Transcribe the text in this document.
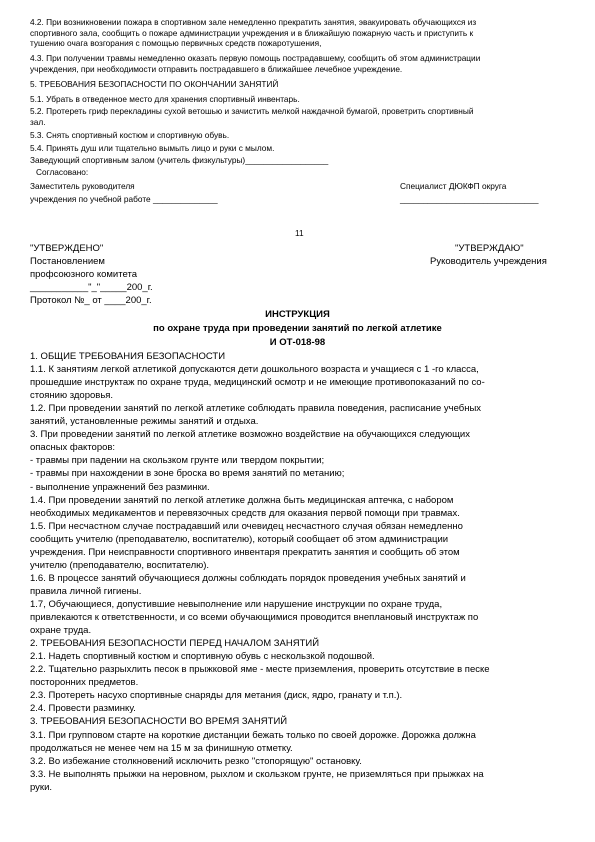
4.2. При возникновении пожара в спортивном зале немедленно прекратить занятия, эвакуировать обучающихся из
спортивного зала, сообщить о пожаре администрации учреждения и в ближайшую пожарную часть и приступить к
тушению очага возгорания с помощью первичных средств пожаротушения,
4.3. При получении травмы немедленно оказать первую помощь пострадавшему, сообщить об этом администрации
учреждения, при необходимости отправить пострадавшего в ближайшее лечебное учреждение.
5. ТРЕБОВАНИЯ БЕЗОПАСНОСТИ ПО ОКОНЧАНИИ ЗАНЯТИЙ
5.1. Убрать в отведенное место для хранения спортивный инвентарь.
5.2. Протереть гриф перекладины сухой ветошью и зачистить мелкой наждачной бумагой, проветрить спортивный
зал.
5.3. Снять спортивный костюм и спортивную обувь.
5.4. Принять душ или тщательно вымыть лицо и руки с мылом.
Заведующий спортивным залом (учитель физкультуры)__________________
Согласовано:
Заместитель руководителя
учреждения по учебной работе ______________
Специалист ДЮКФП округа
______________________________
11
"УТВЕРЖДЕНО"
Постановлением
профсоюзного комитета
___________"_"_____200_г.
Протокол №_ от ____200_г.
"УТВЕРЖДАЮ"
Руководитель учреждения
ИНСТРУКЦИЯ
по охране труда при проведении занятий по легкой атлетике
И ОТ-018-98
1. ОБЩИЕ ТРЕБОВАНИЯ БЕЗОПАСНОСТИ
1.1. К занятиям легкой атлетикой допускаются дети дошкольного возраста и учащиеся с 1 -го класса,
прошедшие инструктаж по охране труда, медицинский осмотр и не имеющие противопоказаний по со-
стоянию здоровья.
1.2. При проведении занятий по легкой атлетике соблюдать правила поведения, расписание учебных
занятий, установленные режимы занятий и отдыха.
3. При проведении занятий по легкой атлетике возможно воздействие на обучающихся следующих
опасных факторов:
- травмы при падении на скользком грунте или твердом покрытии;
- травмы при нахождении в зоне броска во время занятий по метанию;
- выполнение упражнений без разминки.
1.4. При проведении занятий по легкой атлетике должна быть медицинская аптечка, с набором
необходимых медикаментов и перевязочных средств для оказания первой помощи при травмах.
1.5. При несчастном случае пострадавший или очевидец несчастного случая обязан немедленно
сообщить учителю (преподавателю, воспитателю), который сообщает об этом администрации
учреждения. При неисправности спортивного инвентаря прекратить занятия и сообщить об этом
учителю (преподавателю, воспитателю).
1.6. В процессе занятий обучающиеся должны соблюдать порядок проведения учебных занятий и
правила личной гигиены.
1.7, Обучающиеся, допустившие невыполнение или нарушение инструкции по охране труда,
привлекаются к ответственности, и со всеми обучающимися проводится внеплановый инструктаж по
охране труда.
2. ТРЕБОВАНИЯ БЕЗОПАСНОСТИ ПЕРЕД НАЧАЛОМ ЗАНЯТИЙ
2.1. Надеть спортивный костюм и спортивную обувь с нескользкой подошвой.
2.2. Тщательно разрыхлить песок в прыжковой яме - месте приземления, проверить отсутствие в песке
посторонних предметов.
2.3. Протереть насухо спортивные снаряды для метания (диск, ядро, гранату и т.п.).
2.4. Провести разминку.
3. ТРЕБОВАНИЯ БЕЗОПАСНОСТИ ВО ВРЕМЯ ЗАНЯТИЙ
3.1. При групповом старте на короткие дистанции бежать только по своей дорожке. Дорожка должна
продолжаться не менее чем на 15 м за финишную отметку.
3.2. Во избежание столкновений исключить резко "стопорящую" остановку.
3.3. Не выполнять прыжки на неровном, рыхлом и скользком грунте, не приземляться при прыжках на
руки.
